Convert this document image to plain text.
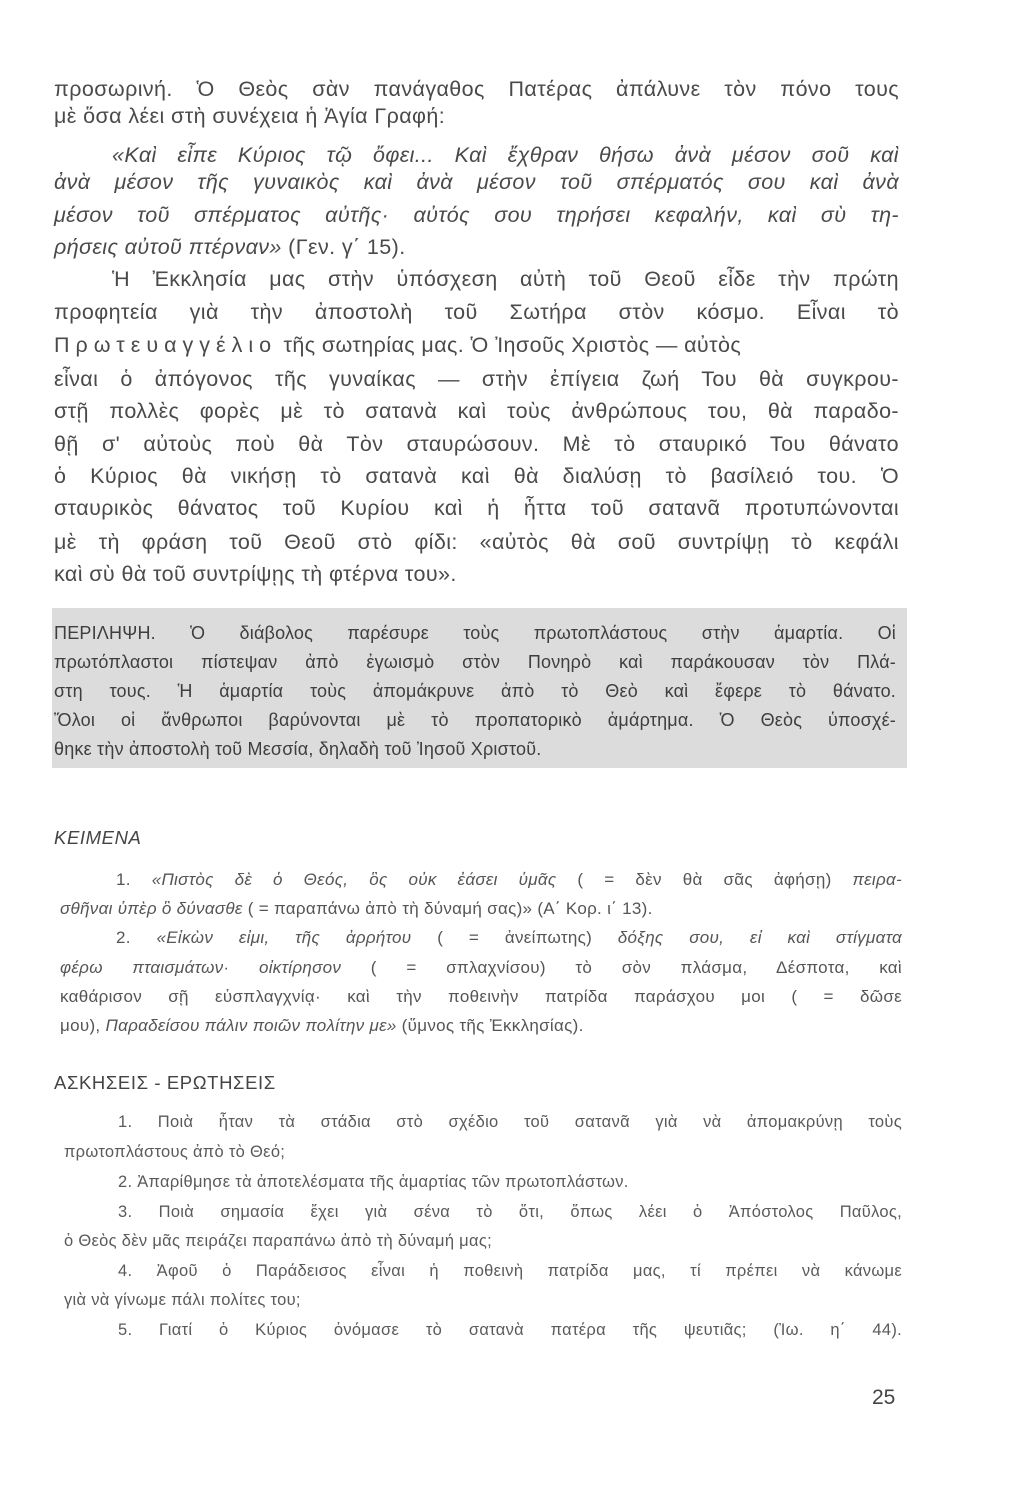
προσωρινή. Ὁ Θεὸς σὰν πανάγαθος Πατέρας ἀπάλυνε τὸν πόνο τους
μὲ ὅσα λέει στὴ συνέχεια ἡ Ἁγία Γραφή:
«Καὶ εἶπε Κύριος τῷ ὄφει... Καὶ ἔχθραν θήσω ἀνὰ μέσον σοῦ καὶ
ἀνὰ μέσον τῆς γυναικὸς καὶ ἀνὰ μέσον τοῦ σπέρματός σου καὶ ἀνὰ
μέσον τοῦ σπέρματος αὐτῆς· αὐτός σου τηρήσει κεφαλήν, καὶ σὺ τη-
ρήσεις αὐτοῦ πτέρναν» (Γεν. γ΄ 15).
Ἡ Ἐκκλησία μας στὴν ὑπόσχεση αὐτὴ τοῦ Θεοῦ εἶδε τὴν πρώτη
προφητεία γιὰ τὴν ἀποστολὴ τοῦ Σωτήρα στὸν κόσμο. Εἶναι τὸ
Πρωτευαγγέλιο τῆς σωτηρίας μας. Ὁ Ἰησοῦς Χριστὸς — αὐτὸς
εἶναι ὁ ἀπόγονος τῆς γυναίκας — στὴν ἐπίγεια ζωή Του θὰ συγκρου-
στῇ πολλὲς φορὲς μὲ τὸ σατανὰ καὶ τοὺς ἀνθρώπους του, θὰ παραδο-
θῇ σ' αὐτοὺς ποὺ θὰ Τὸν σταυρώσουν. Μὲ τὸ σταυρικό Του θάνατο
ὁ Κύριος θὰ νικήσῃ τὸ σατανὰ καὶ θὰ διαλύσῃ τὸ βασίλειό του. Ὁ
σταυρικὸς θάνατος τοῦ Κυρίου καὶ ἡ ἧττα τοῦ σατανᾶ προτυπώνονται
μὲ τὴ φράση τοῦ Θεοῦ στὸ φίδι: «αὐτὸς θὰ σοῦ συντρίψῃ τὸ κεφάλι
καὶ σὺ θὰ τοῦ συντρίψῃς τὴ φτέρνα του».
ΠΕΡΙΛΗΨΗ. Ὁ διάβολος παρέσυρε τοὺς πρωτοπλάστους στὴν ἁμαρτία. Οἱ
πρωτόπλαστοι πίστεψαν ἀπὸ ἐγωισμὸ στὸν Πονηρὸ καὶ παράκουσαν τὸν Πλά-
στη τους. Ἡ ἁμαρτία τοὺς ἀπομάκρυνε ἀπὸ τὸ Θεὸ καὶ ἔφερε τὸ θάνατο.
Ὅλοι οἱ ἄνθρωποι βαρύνονται μὲ τὸ προπατορικὸ ἁμάρτημα. Ὁ Θεὸς ὑποσχέ-
θηκε τὴν ἀποστολὴ τοῦ Μεσσία, δηλαδὴ τοῦ Ἰησοῦ Χριστοῦ.
ΚΕΙΜΕΝΑ
1. «Πιστὸς δὲ ὁ Θεός, ὃς οὐκ ἐάσει ὑμᾶς ( = δὲν θὰ σᾶς ἀφήσῃ) πειρα-
σθῆναι ὑπὲρ ὃ δύνασθε ( = παραπάνω ἀπὸ τὴ δύναμή σας)» (Α΄ Κορ. ι΄ 13).
2. «Εἰκὼν εἰμι, τῆς ἀρρήτου ( = ἀνείπωτης) δόξης σου, εἰ καὶ στίγματα
φέρω πταισμάτων· οἰκτίρησον ( = σπλαχνίσου) τὸ σὸν πλάσμα, Δέσποτα, καὶ
καθάρισον σῇ εὐσπλαγχνίᾳ· καὶ τὴν ποθεινὴν πατρίδα παράσχου μοι ( = δῶσε
μου), Παραδείσου πάλιν ποιῶν πολίτην με» (ὕμνος τῆς Ἐκκλησίας).
ΑΣΚΗΣΕΙΣ - ΕΡΩΤΗΣΕΙΣ
1. Ποιὰ ἦταν τὰ στάδια στὸ σχέδιο τοῦ σατανᾶ γιὰ νὰ ἀπομακρύνῃ τοὺς
πρωτοπλάστους ἀπὸ τὸ Θεό;
2. Ἀπαρίθμησε τὰ ἀποτελέσματα τῆς ἁμαρτίας τῶν πρωτοπλάστων.
3. Ποιὰ σημασία ἔχει γιὰ σένα τὸ ὅτι, ὅπως λέει ὁ Ἀπόστολος Παῦλος,
ὁ Θεὸς δὲν μᾶς πειράζει παραπάνω ἀπὸ τὴ δύναμή μας;
4. Ἀφοῦ ὁ Παράδεισος εἶναι ἡ ποθεινὴ πατρίδα μας, τί πρέπει νὰ κάνωμε
γιὰ νὰ γίνωμε πάλι πολίτες του;
5. Γιατί ὁ Κύριος ὀνόμασε τὸ σατανὰ πατέρα τῆς ψευτιᾶς; (Ἰω. η΄ 44).
25
